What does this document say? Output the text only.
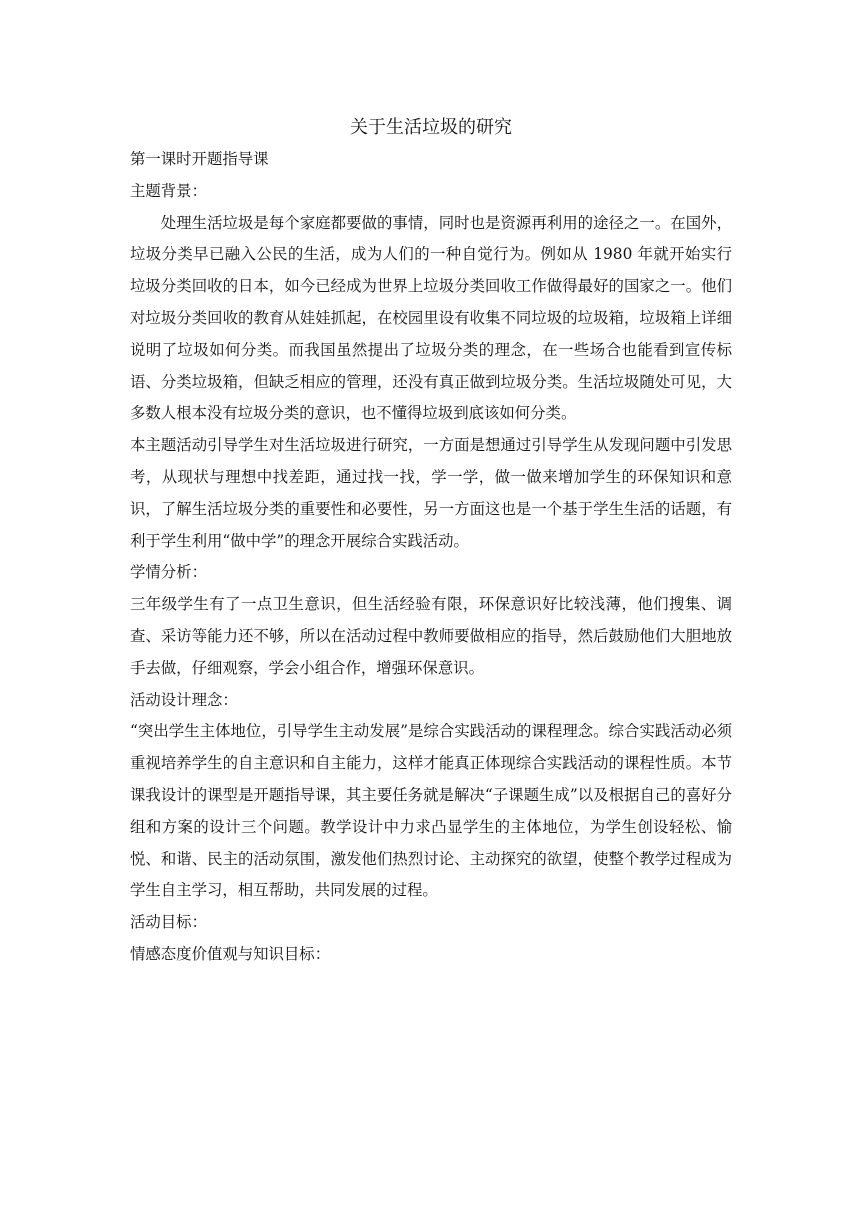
关于生活垃圾的研究

第一课时开题指导课

主题背景：

处理生活垃圾是每个家庭都要做的事情，同时也是资源再利用的途径之一。在国外，垃圾分类早已融入公民的生活，成为人们的一种自觉行为。例如从 1980 年就开始实行垃圾分类回收的日本，如今已经成为世界上垃圾分类回收工作做得最好的国家之一。他们对垃圾分类回收的教育从娃娃抓起，在校园里设有收集不同垃圾的垃圾箱，垃圾箱上详细说明了垃圾如何分类。而我国虽然提出了垃圾分类的理念，在一些场合也能看到宣传标语、分类垃圾箱，但缺乏相应的管理，还没有真正做到垃圾分类。生活垃圾随处可见，大多数人根本没有垃圾分类的意识，也不懂得垃圾到底该如何分类。

本主题活动引导学生对生活垃圾进行研究，一方面是想通过引导学生从发现问题中引发思考，从现状与理想中找差距，通过找一找，学一学，做一做来增加学生的环保知识和意识，了解生活垃圾分类的重要性和必要性，另一方面这也是一个基于学生生活的话题，有利于学生利用“做中学”的理念开展综合实践活动。

学情分析：

三年级学生有了一点卫生意识，但生活经验有限，环保意识好比较浅薄，他们搜集、调查、采访等能力还不够，所以在活动过程中教师要做相应的指导，然后鼓励他们大胆地放手去做，仔细观察，学会小组合作，增强环保意识。

活动设计理念：

“突出学生主体地位，引导学生主动发展”是综合实践活动的课程理念。综合实践活动必须重视培养学生的自主意识和自主能力，这样才能真正体现综合实践活动的课程性质。本节课我设计的课型是开题指导课，其主要任务就是解决“子课题生成”以及根据自己的喜好分组和方案的设计三个问题。教学设计中力求凸显学生的主体地位，为学生创设轻松、愉悦、和谐、民主的活动氛围，激发他们热烈讨论、主动探究的欲望，使整个教学过程成为学生自主学习，相互帮助，共同发展的过程。

活动目标：

情感态度价值观与知识目标：
